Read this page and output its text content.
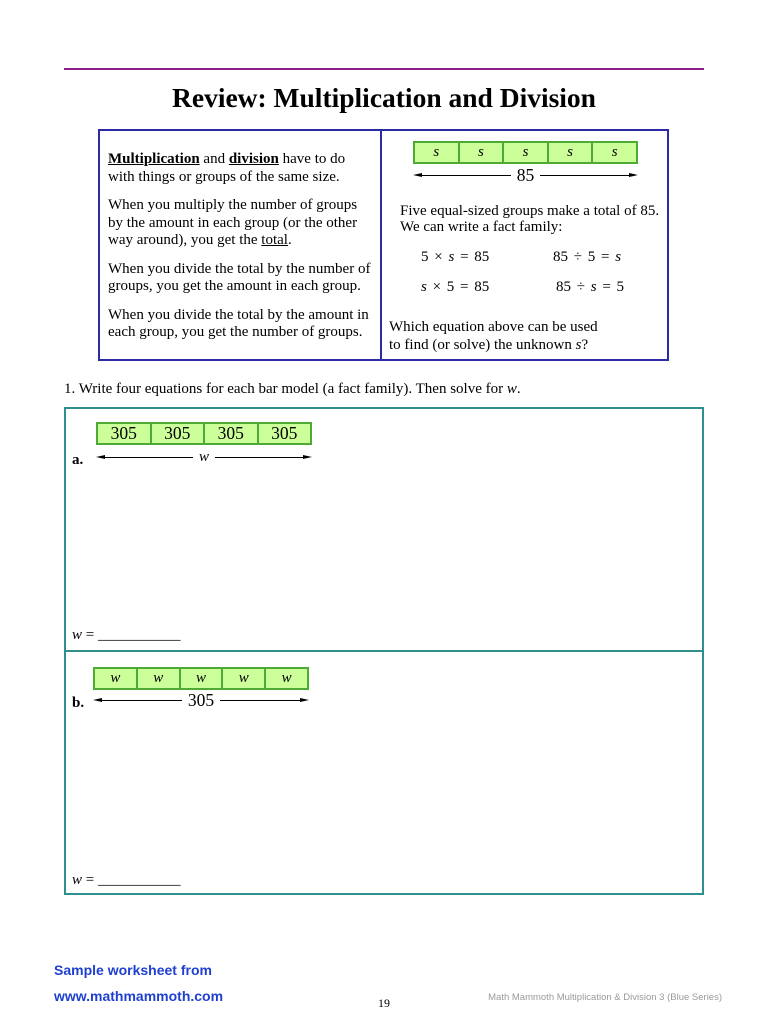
Review: Multiplication and Division

Multiplication and division have to do
with things or groups of the same size.

When you multiply the number of groups
by the amount in each group (or the other
way around), you get the total.

When you divide the total by the number of
groups, you get the amount in each group.

When you divide the total by the amount in
each group, you get the number of groups.

s	s	s	s	s
85
Five equal-sized groups make a total of 85.
We can write a fact family:
5 × s = 85	85 ÷ 5 = s
s × 5 = 85	85 ÷ s = 5
Which equation above can be used
to find (or solve) the unknown s?
1. Write four equations for each bar model (a fact family). Then solve for w.
305	305	305	305
w
a.
w = ___________
w	w	w	w	w
305
b.
w = ___________
Sample worksheet from
www.mathmammoth.com	19	Math Mammoth Multiplication & Division 3 (Blue Series)
